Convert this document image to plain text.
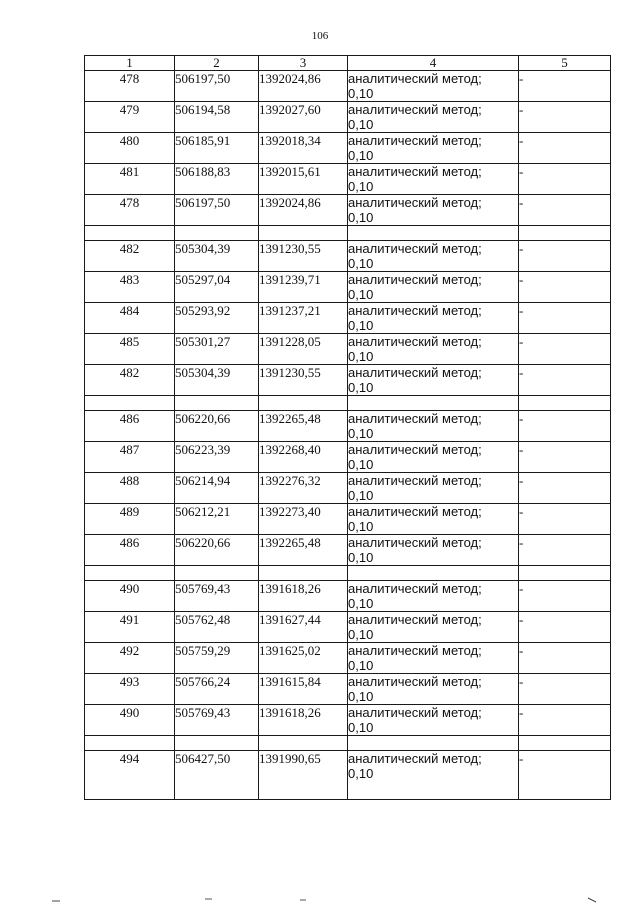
106
1	2	3	4	5
478	506197,50	1392024,86	аналитический метод;
0,10	-
479	506194,58	1392027,60	аналитический метод;
0,10	-
480	506185,91	1392018,34	аналитический метод;
0,10	-
481	506188,83	1392015,61	аналитический метод;
0,10	-
478	506197,50	1392024,86	аналитический метод;
0,10	-

482	505304,39	1391230,55	аналитический метод;
0,10	-
483	505297,04	1391239,71	аналитический метод;
0,10	-
484	505293,92	1391237,21	аналитический метод;
0,10	-
485	505301,27	1391228,05	аналитический метод;
0,10	-
482	505304,39	1391230,55	аналитический метод;
0,10	-

486	506220,66	1392265,48	аналитический метод;
0,10	-
487	506223,39	1392268,40	аналитический метод;
0,10	-
488	506214,94	1392276,32	аналитический метод;
0,10	-
489	506212,21	1392273,40	аналитический метод;
0,10	-
486	506220,66	1392265,48	аналитический метод;
0,10	-

490	505769,43	1391618,26	аналитический метод;
0,10	-
491	505762,48	1391627,44	аналитический метод;
0,10	-
492	505759,29	1391625,02	аналитический метод;
0,10	-
493	505766,24	1391615,84	аналитический метод;
0,10	-
490	505769,43	1391618,26	аналитический метод;
0,10	-

494	506427,50	1391990,65	аналитический метод;
0,10	-
